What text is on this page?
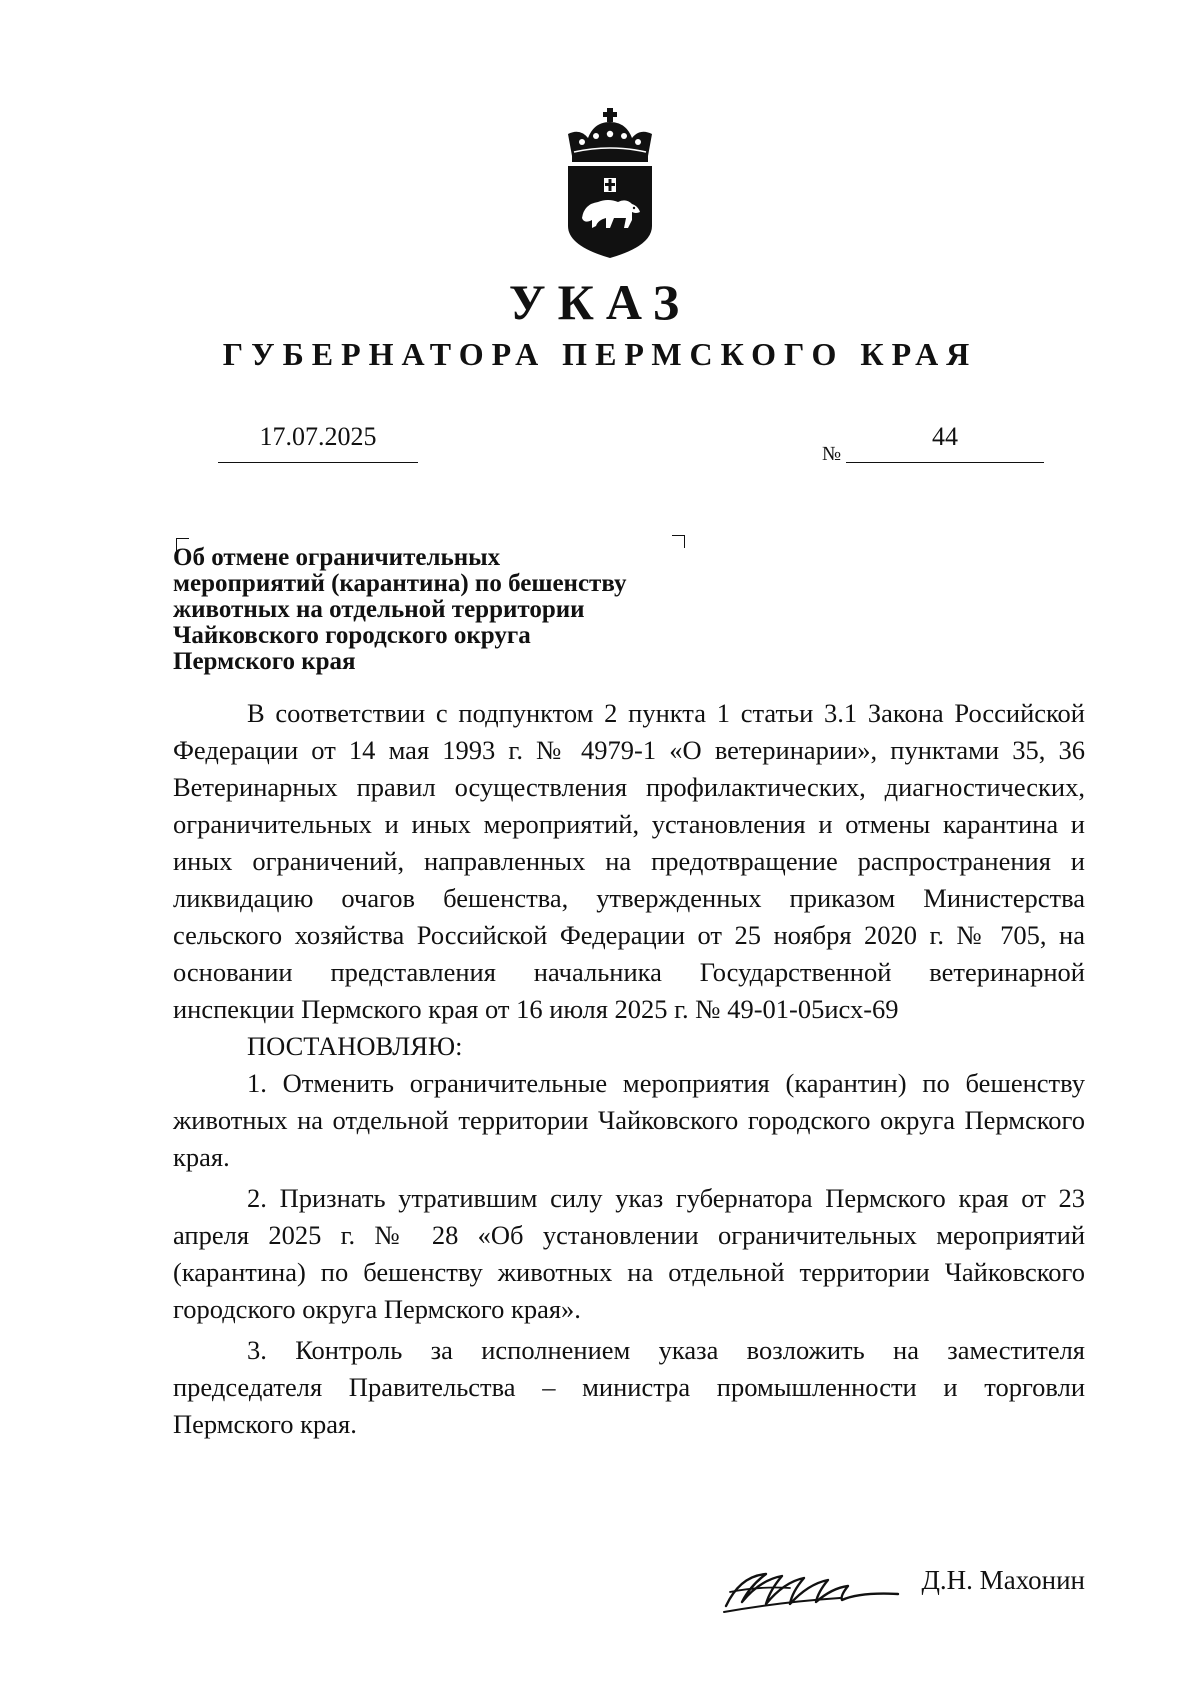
УКАЗ
ГУБЕРНАТОРА ПЕРМСКОГО КРАЯ
17.07.2025
№
44
Об отмене ограничительных
мероприятий (карантина) по бешенству
животных на отдельной территории
Чайковского городского округа
Пермского края

В соответствии с подпунктом 2 пункта 1 статьи 3.1 Закона Российской Федерации от 14 мая 1993 г. № 4979-1 «О ветеринарии», пунктами 35, 36 Ветеринарных правил осуществления профилактических, диагностических, ограничительных и иных мероприятий, установления и отмены карантина и иных ограничений, направленных на предотвращение распространения и ликвидацию очагов бешенства, утвержденных приказом Министерства сельского хозяйства Российской Федерации от 25 ноября 2020 г. № 705, на основании представления начальника Государственной ветеринарной инспекции Пермского края от 16 июля 2025 г. № 49-01-05исх-69

ПОСТАНОВЛЯЮ:

1. Отменить ограничительные мероприятия (карантин) по бешенству животных на отдельной территории Чайковского городского округа Пермского края.

2. Признать утратившим силу указ губернатора Пермского края от 23 апреля 2025 г. № 28 «Об установлении ограничительных мероприятий (карантина) по бешенству животных на отдельной территории Чайковского городского округа Пермского края».

3. Контроль за исполнением указа возложить на заместителя председателя Правительства – министра промышленности и торговли Пермского края.

Д.Н. Махонин
